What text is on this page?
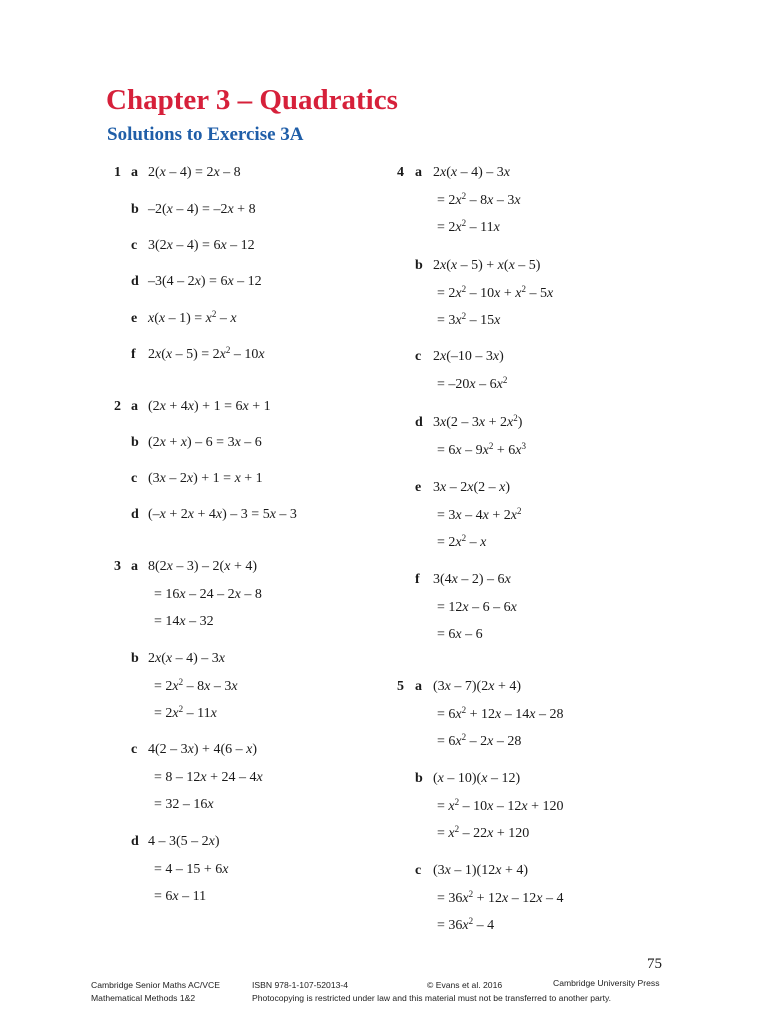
Chapter 3 – Quadratics
Solutions to Exercise 3A
1 a 2(x – 4) = 2x – 8
b –2(x – 4) = –2x + 8
c 3(2x – 4) = 6x – 12
d –3(4 – 2x) = 6x – 12
e $x(x - 1) = x^2 - x$
f $2x(x - 5) = 2x^2 - 10x$
2 a (2x + 4x) + 1 = 6x + 1
b (2x + x) – 6 = 3x – 6
c (3x – 2x) + 1 = x + 1
d (–x + 2x + 4x) – 3 = 5x – 3
3 a 8(2x – 3) – 2(x + 4)
= 16x – 24 – 2x – 8
= 14x – 32
b 2x(x – 4) – 3x
= $2x^2 - 8x - 3x$
= $2x^2 - 11x$
c 4(2 – 3x) + 4(6 – x)
= 8 – 12x + 24 – 4x
= 32 – 16x
d 4 – 3(5 – 2x)
= 4 – 15 + 6x
= 6x – 11
4 a 2x(x – 4) – 3x
= $2x^2 - 8x - 3x$
= $2x^2 - 11x$
b 2x(x – 5) + x(x – 5)
= $2x^2 - 10x + x^2 - 5x$
= $3x^2 - 15x$
c 2x(–10 – 3x)
= $-20x - 6x^2$
d $3x(2 - 3x + 2x^2)$
= $6x - 9x^2 + 6x^3$
e 3x – 2x(2 – x)
= $3x - 4x + 2x^2$
= $2x^2$ – x
f 3(4x – 2) – 6x
= 12x – 6 – 6x
= 6x – 6
5 a (3x – 7)(2x + 4)
= $6x^2 + 12x - 14x - 28$
= $6x^2 - 2x - 28$
b (x – 10)(x – 12)
= $x^2 - 10x - 12x + 120$
= $x^2 - 22x + 120$
c (3x – 1)(12x + 4)
= $36x^2 + 12x - 12x - 4$
= $36x^2 - 4$
75
Cambridge Senior Maths AC/VCE
Mathematical Methods 1&2
ISBN 978-1-107-52013-4	© Evans et al. 2016	Cambridge University Press
Photocopying is restricted under law and this material must not be transferred to another party.
